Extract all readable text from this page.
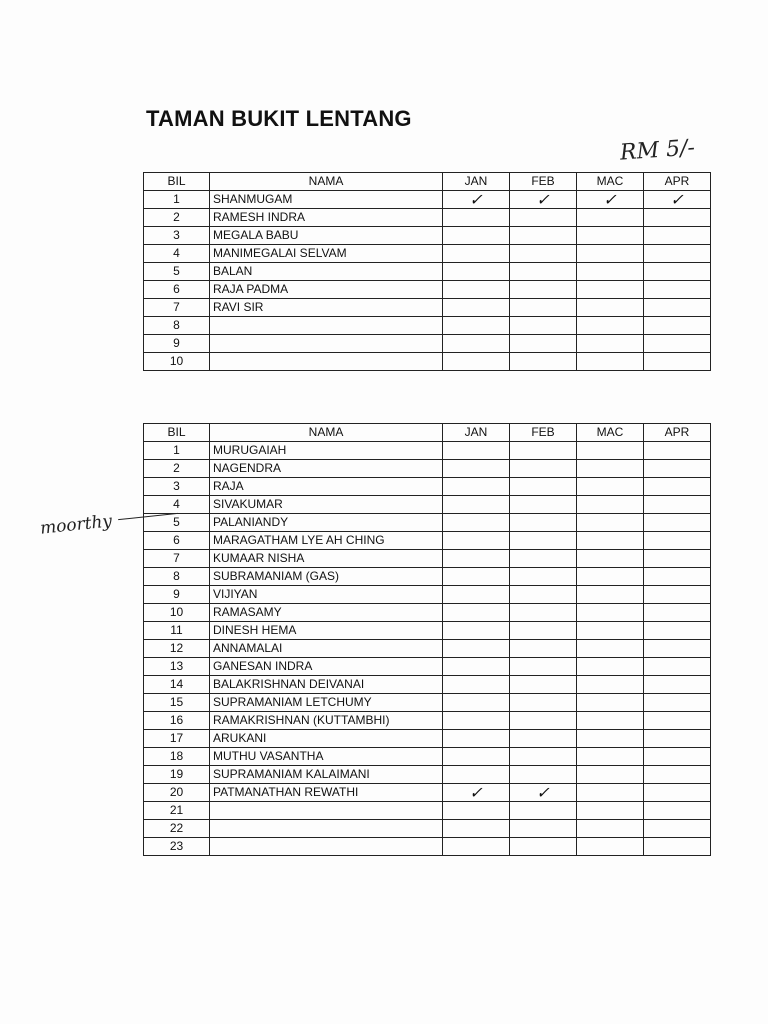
TAMAN BUKIT LENTANG
RM 5/-
moorthy
BIL	NAMA	JAN	FEB	MAC	APR
1	SHANMUGAM	✓	✓	✓	✓
2	RAMESH INDRA				
3	MEGALA BABU				
4	MANIMEGALAI SELVAM				
5	BALAN				
6	RAJA PADMA				
7	RAVI SIR				
8					
9					
10					
BIL	NAMA	JAN	FEB	MAC	APR
1	MURUGAIAH				
2	NAGENDRA				
3	RAJA				
4	SIVAKUMAR				
5	PALANIANDY				
6	MARAGATHAM LYE AH CHING				
7	KUMAAR NISHA				
8	SUBRAMANIAM (GAS)				
9	VIJIYAN				
10	RAMASAMY				
11	DINESH HEMA				
12	ANNAMALAI				
13	GANESAN INDRA				
14	BALAKRISHNAN DEIVANAI				
15	SUPRAMANIAM LETCHUMY				
16	RAMAKRISHNAN (KUTTAMBHI)				
17	ARUKANI				
18	MUTHU VASANTHA				
19	SUPRAMANIAM KALAIMANI				
20	PATMANATHAN REWATHI	✓	✓		
21					
22					
23					
